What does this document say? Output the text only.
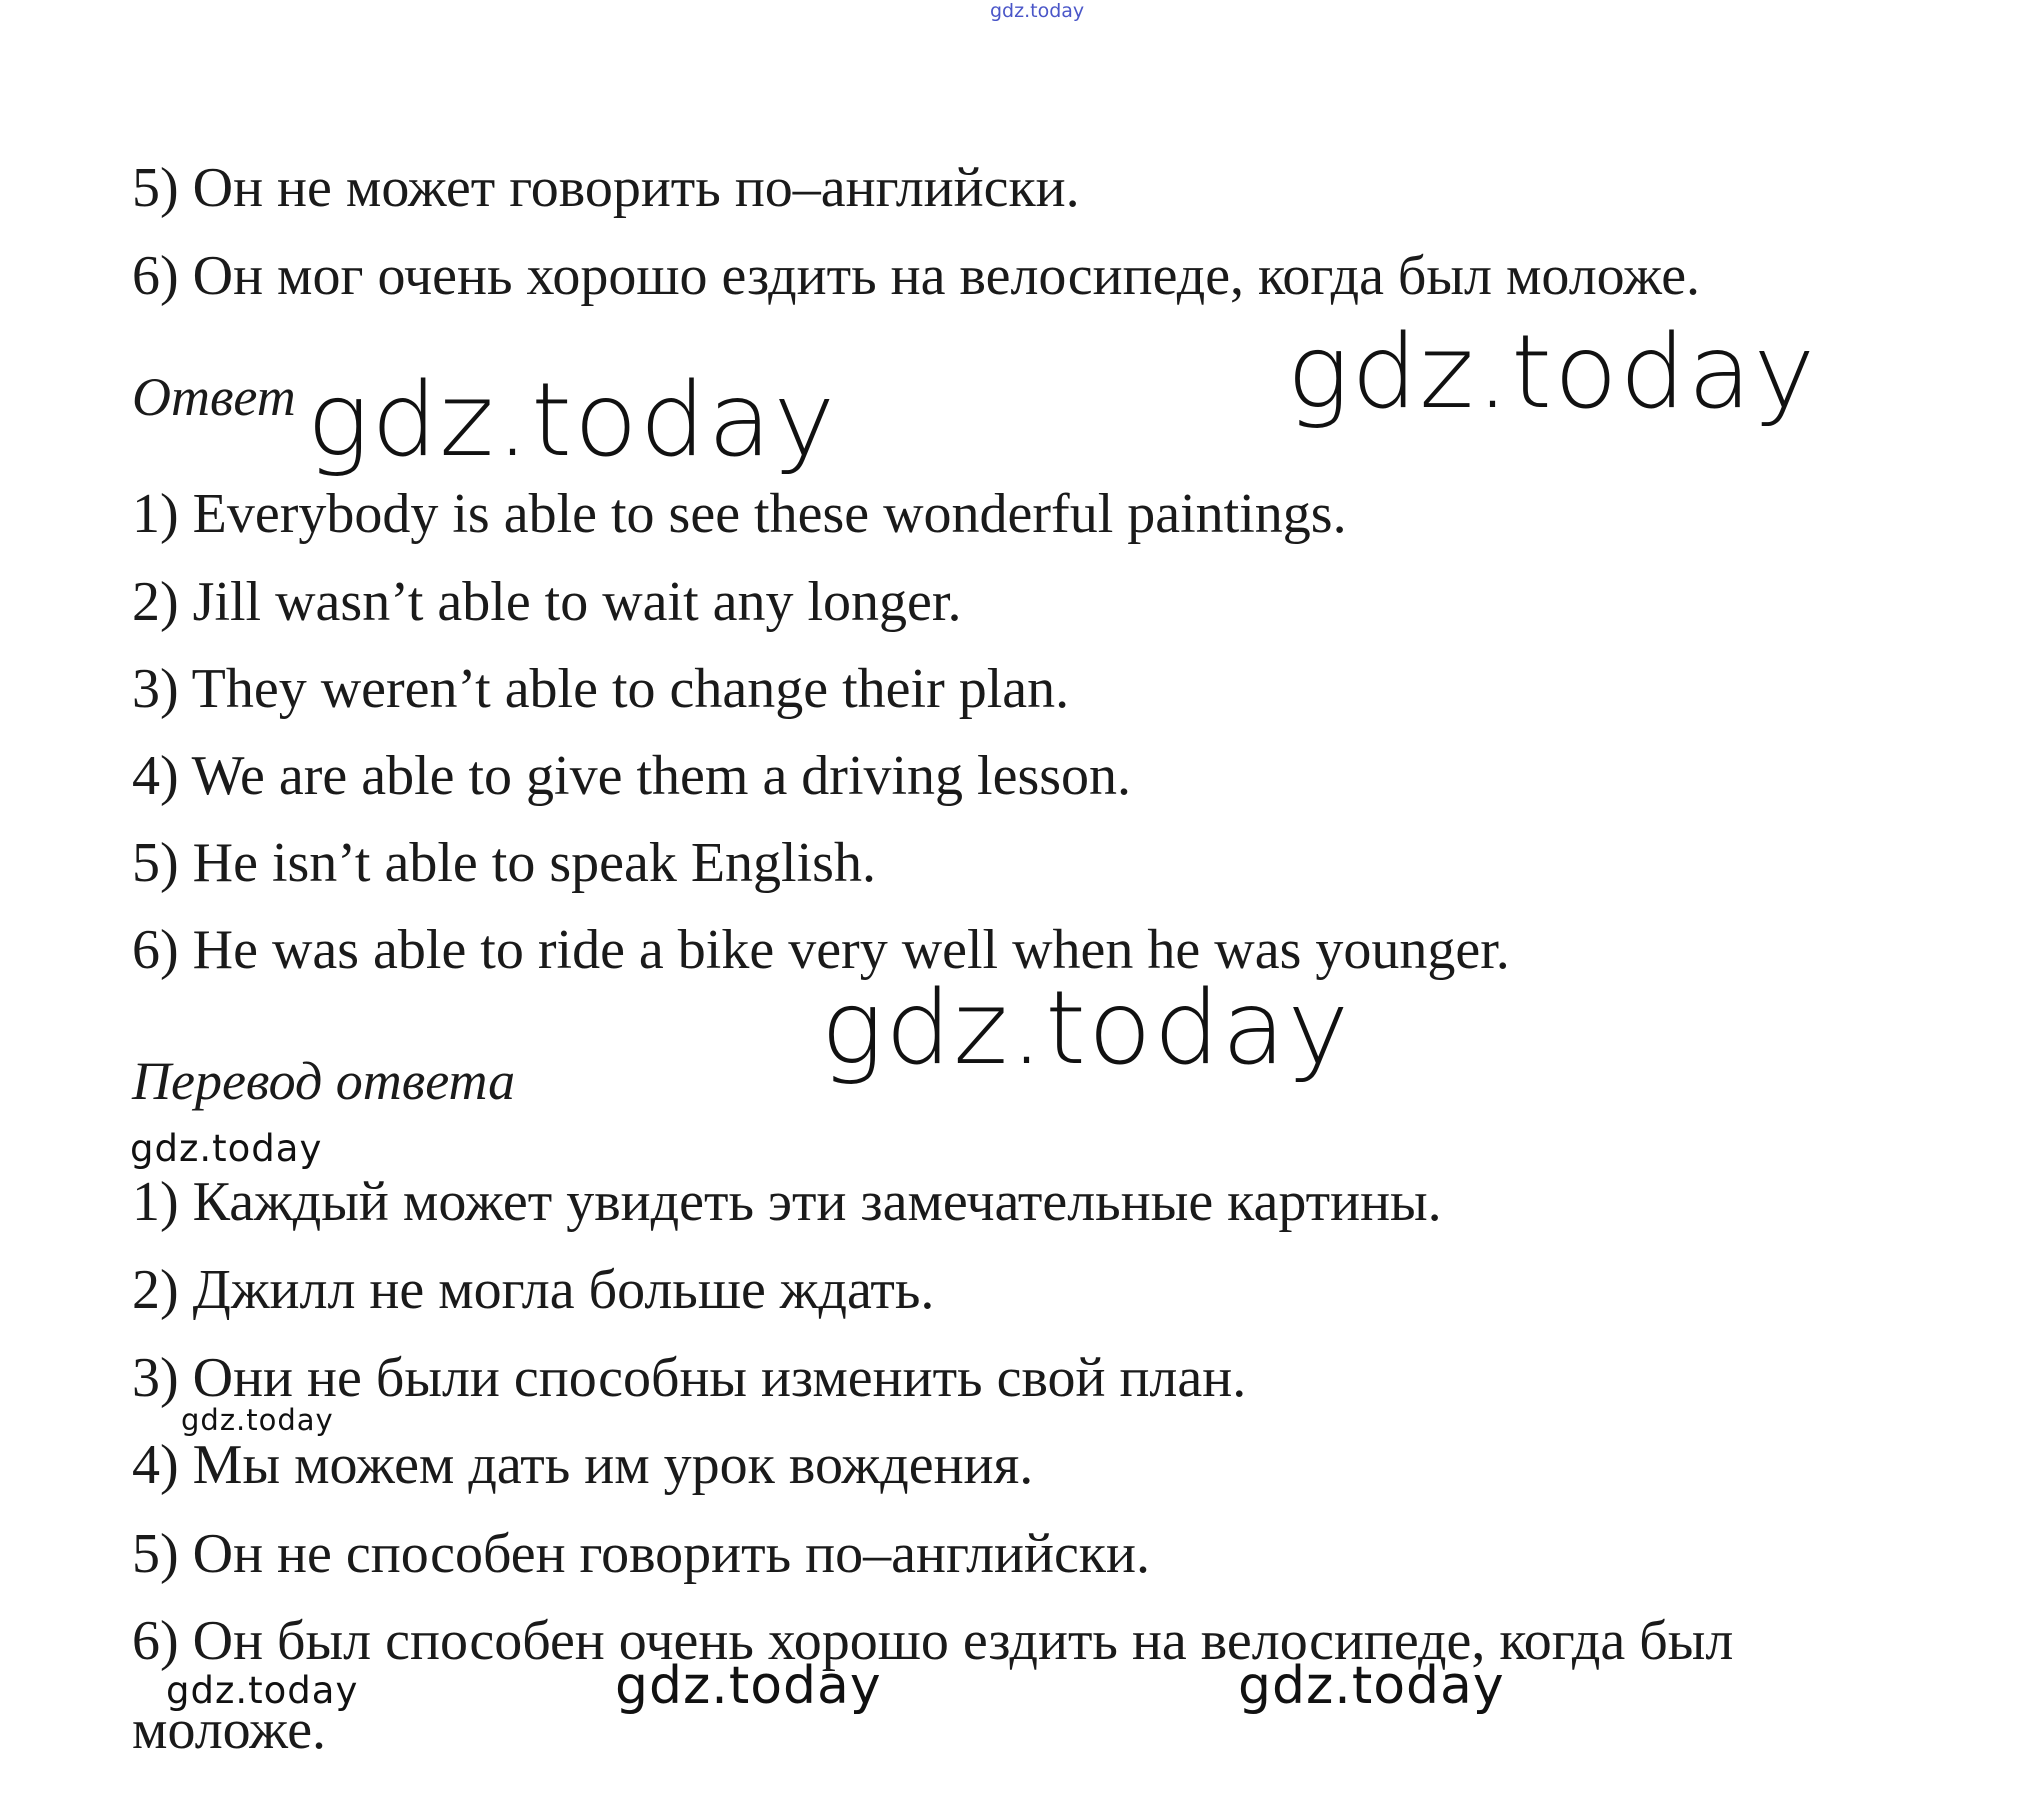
gdz.today
5) Он не может говорить по–английски.
6) Он мог очень хорошо ездить на велосипеде, когда был моложе.
Ответ gdz.today	gdz.today
1) Everybody is able to see these wonderful paintings.
2) Jill wasn’t able to wait any longer.
3) They weren’t able to change their plan.
4) We are able to give them a driving lesson.
5) He isn’t able to speak English.
6) He was able to ride a bike very well when he was younger.
gdz.today
Перевод ответа
gdz.today
1) Каждый может увидеть эти замечательные картины.
2) Джилл не могла больше ждать.
3) Они не были способны изменить свой план.
gdz.today
4) Мы можем дать им урок вождения.
5) Он не способен говорить по–английски.
6) Он был способен очень хорошо ездить на велосипеде, когда был
моложе.
gdz.today	gdz.today	gdz.today
